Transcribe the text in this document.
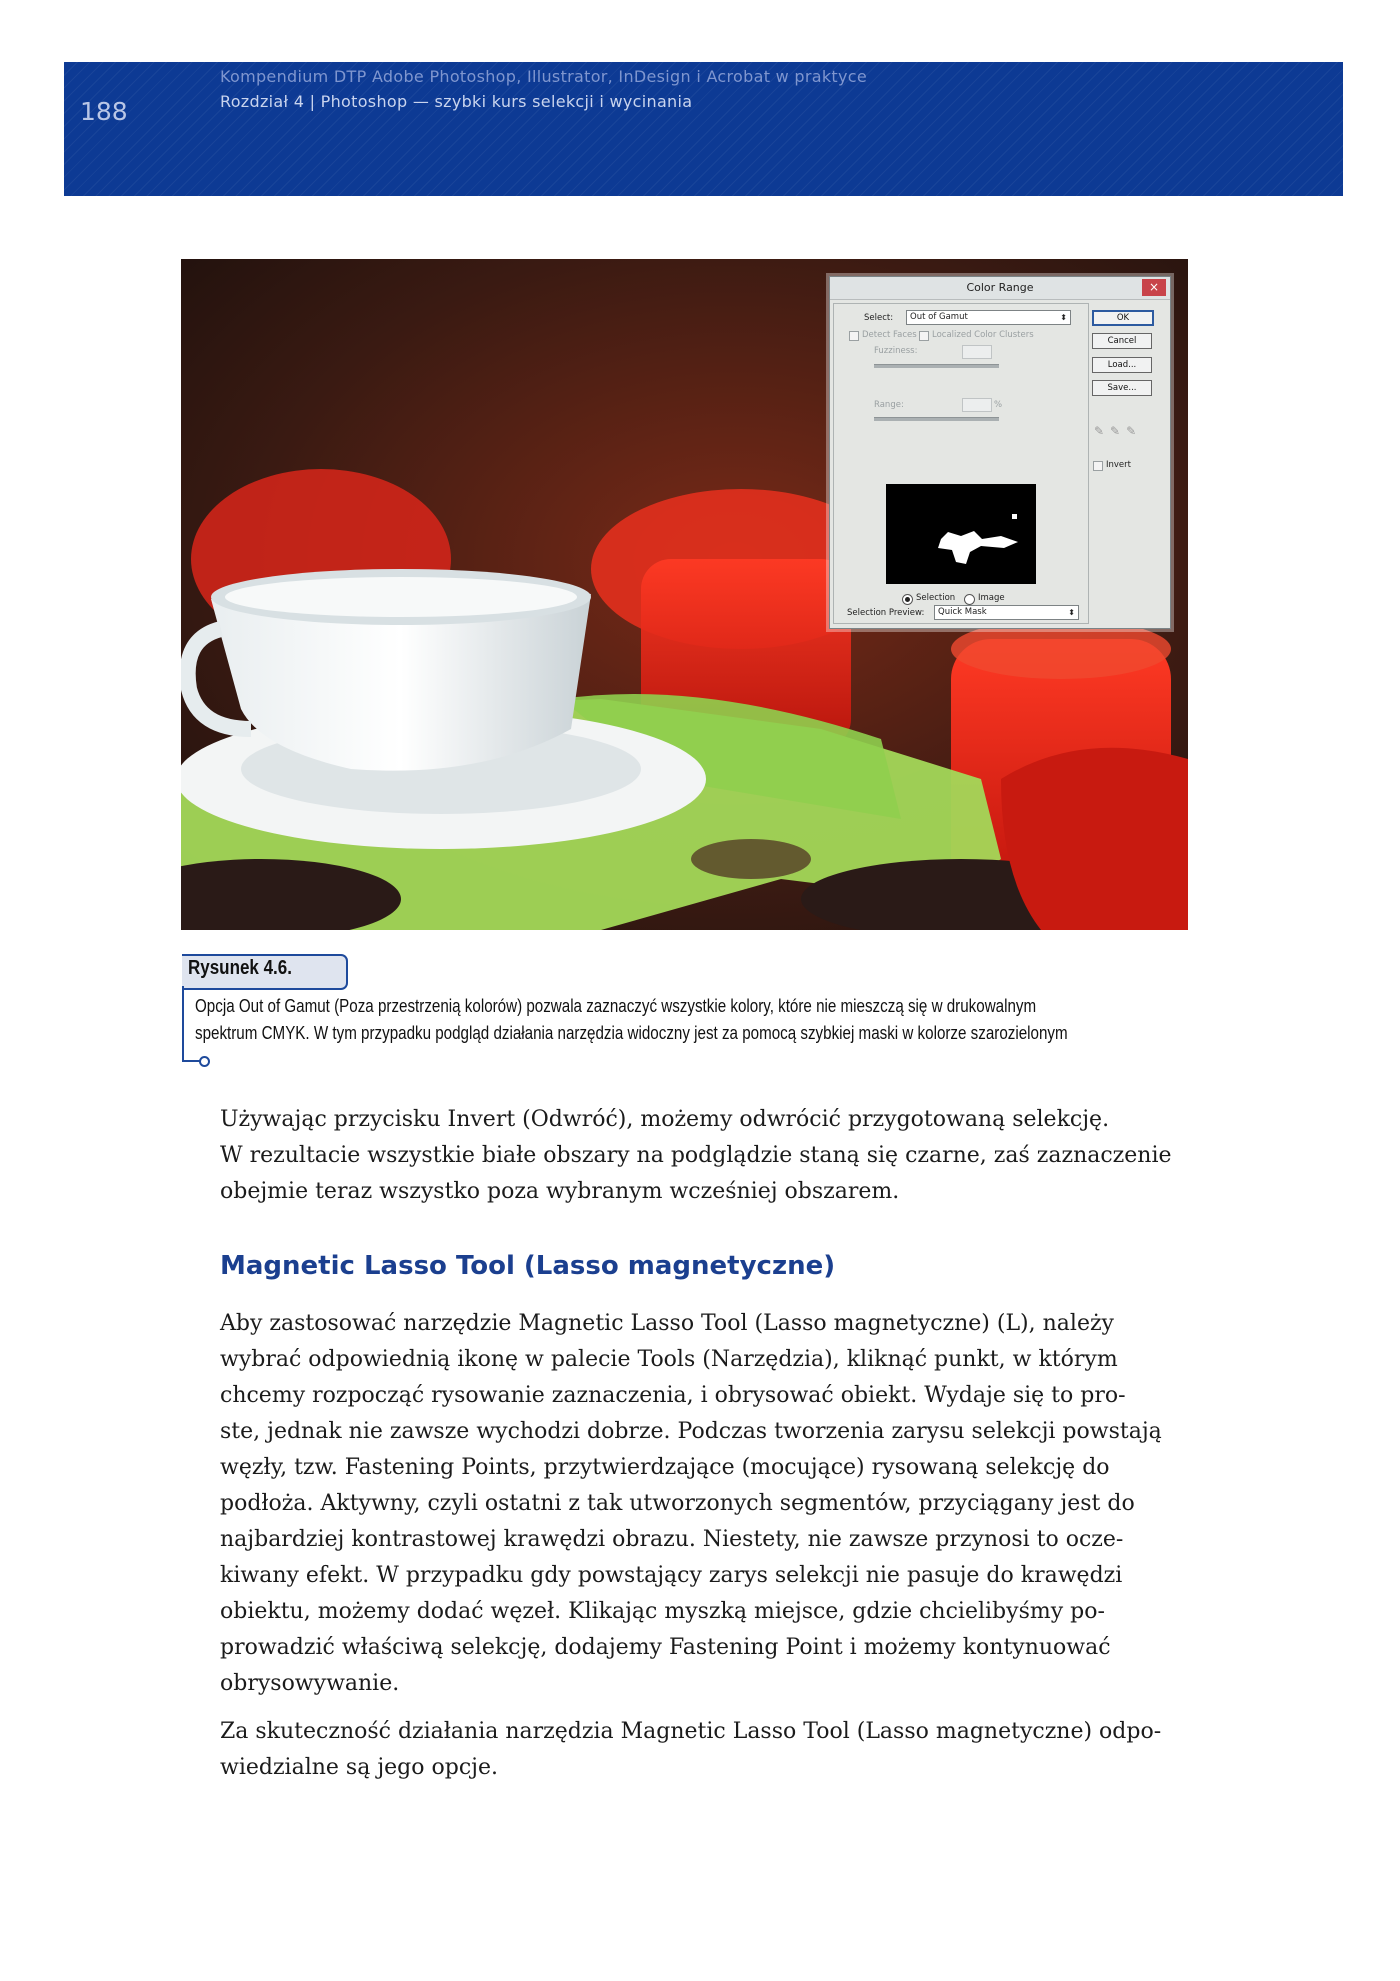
188
Kompendium DTP Adobe Photoshop, Illustrator, InDesign i Acrobat w praktyce
Rozdział 4 | Photoshop — szybki kurs selekcji i wycinania
Color Range	×
Select:	Out of Gamut	⬍
Detect Faces Localized Color Clusters
Fuzziness:
Range:	%
Selection	Image
Selection Preview:	Quick Mask	⬍
OK
Cancel
Load...
Save...
✎✎✎
Invert
Rysunek 4.6.
Opcja Out of Gamut (Poza przestrzenią kolorów) pozwala zaznaczyć wszystkie kolory, które nie mieszczą się w drukowalnym
spektrum CMYK. W tym przypadku podgląd działania narzędzia widoczny jest za pomocą szybkiej maski w kolorze szarozielonym

Używając przycisku Invert (Odwróć), możemy odwrócić przygotowaną selekcję.

W rezultacie wszystkie białe obszary na podglądzie staną się czarne, zaś zaznaczenie

obejmie teraz wszystko poza wybranym wcześniej obszarem.

Magnetic Lasso Tool (Lasso magnetyczne)

Aby zastosować narzędzie Magnetic Lasso Tool (Lasso magnetyczne) (L), należy

wybrać odpowiednią ikonę w palecie Tools (Narzędzia), kliknąć punkt, w którym

chcemy rozpocząć rysowanie zaznaczenia, i obrysować obiekt. Wydaje się to pro-

ste, jednak nie zawsze wychodzi dobrze. Podczas tworzenia zarysu selekcji powstają

węzły, tzw. Fastening Points, przytwierdzające (mocujące) rysowaną selekcję do

podłoża. Aktywny, czyli ostatni z tak utworzonych segmentów, przyciągany jest do

najbardziej kontrastowej krawędzi obrazu. Niestety, nie zawsze przynosi to ocze-

kiwany efekt. W przypadku gdy powstający zarys selekcji nie pasuje do krawędzi

obiektu, możemy dodać węzeł. Klikając myszką miejsce, gdzie chcielibyśmy po-

prowadzić właściwą selekcję, dodajemy Fastening Point i możemy kontynuować

obrysowywanie.

Za skuteczność działania narzędzia Magnetic Lasso Tool (Lasso magnetyczne) odpo-

wiedzialne są jego opcje.
